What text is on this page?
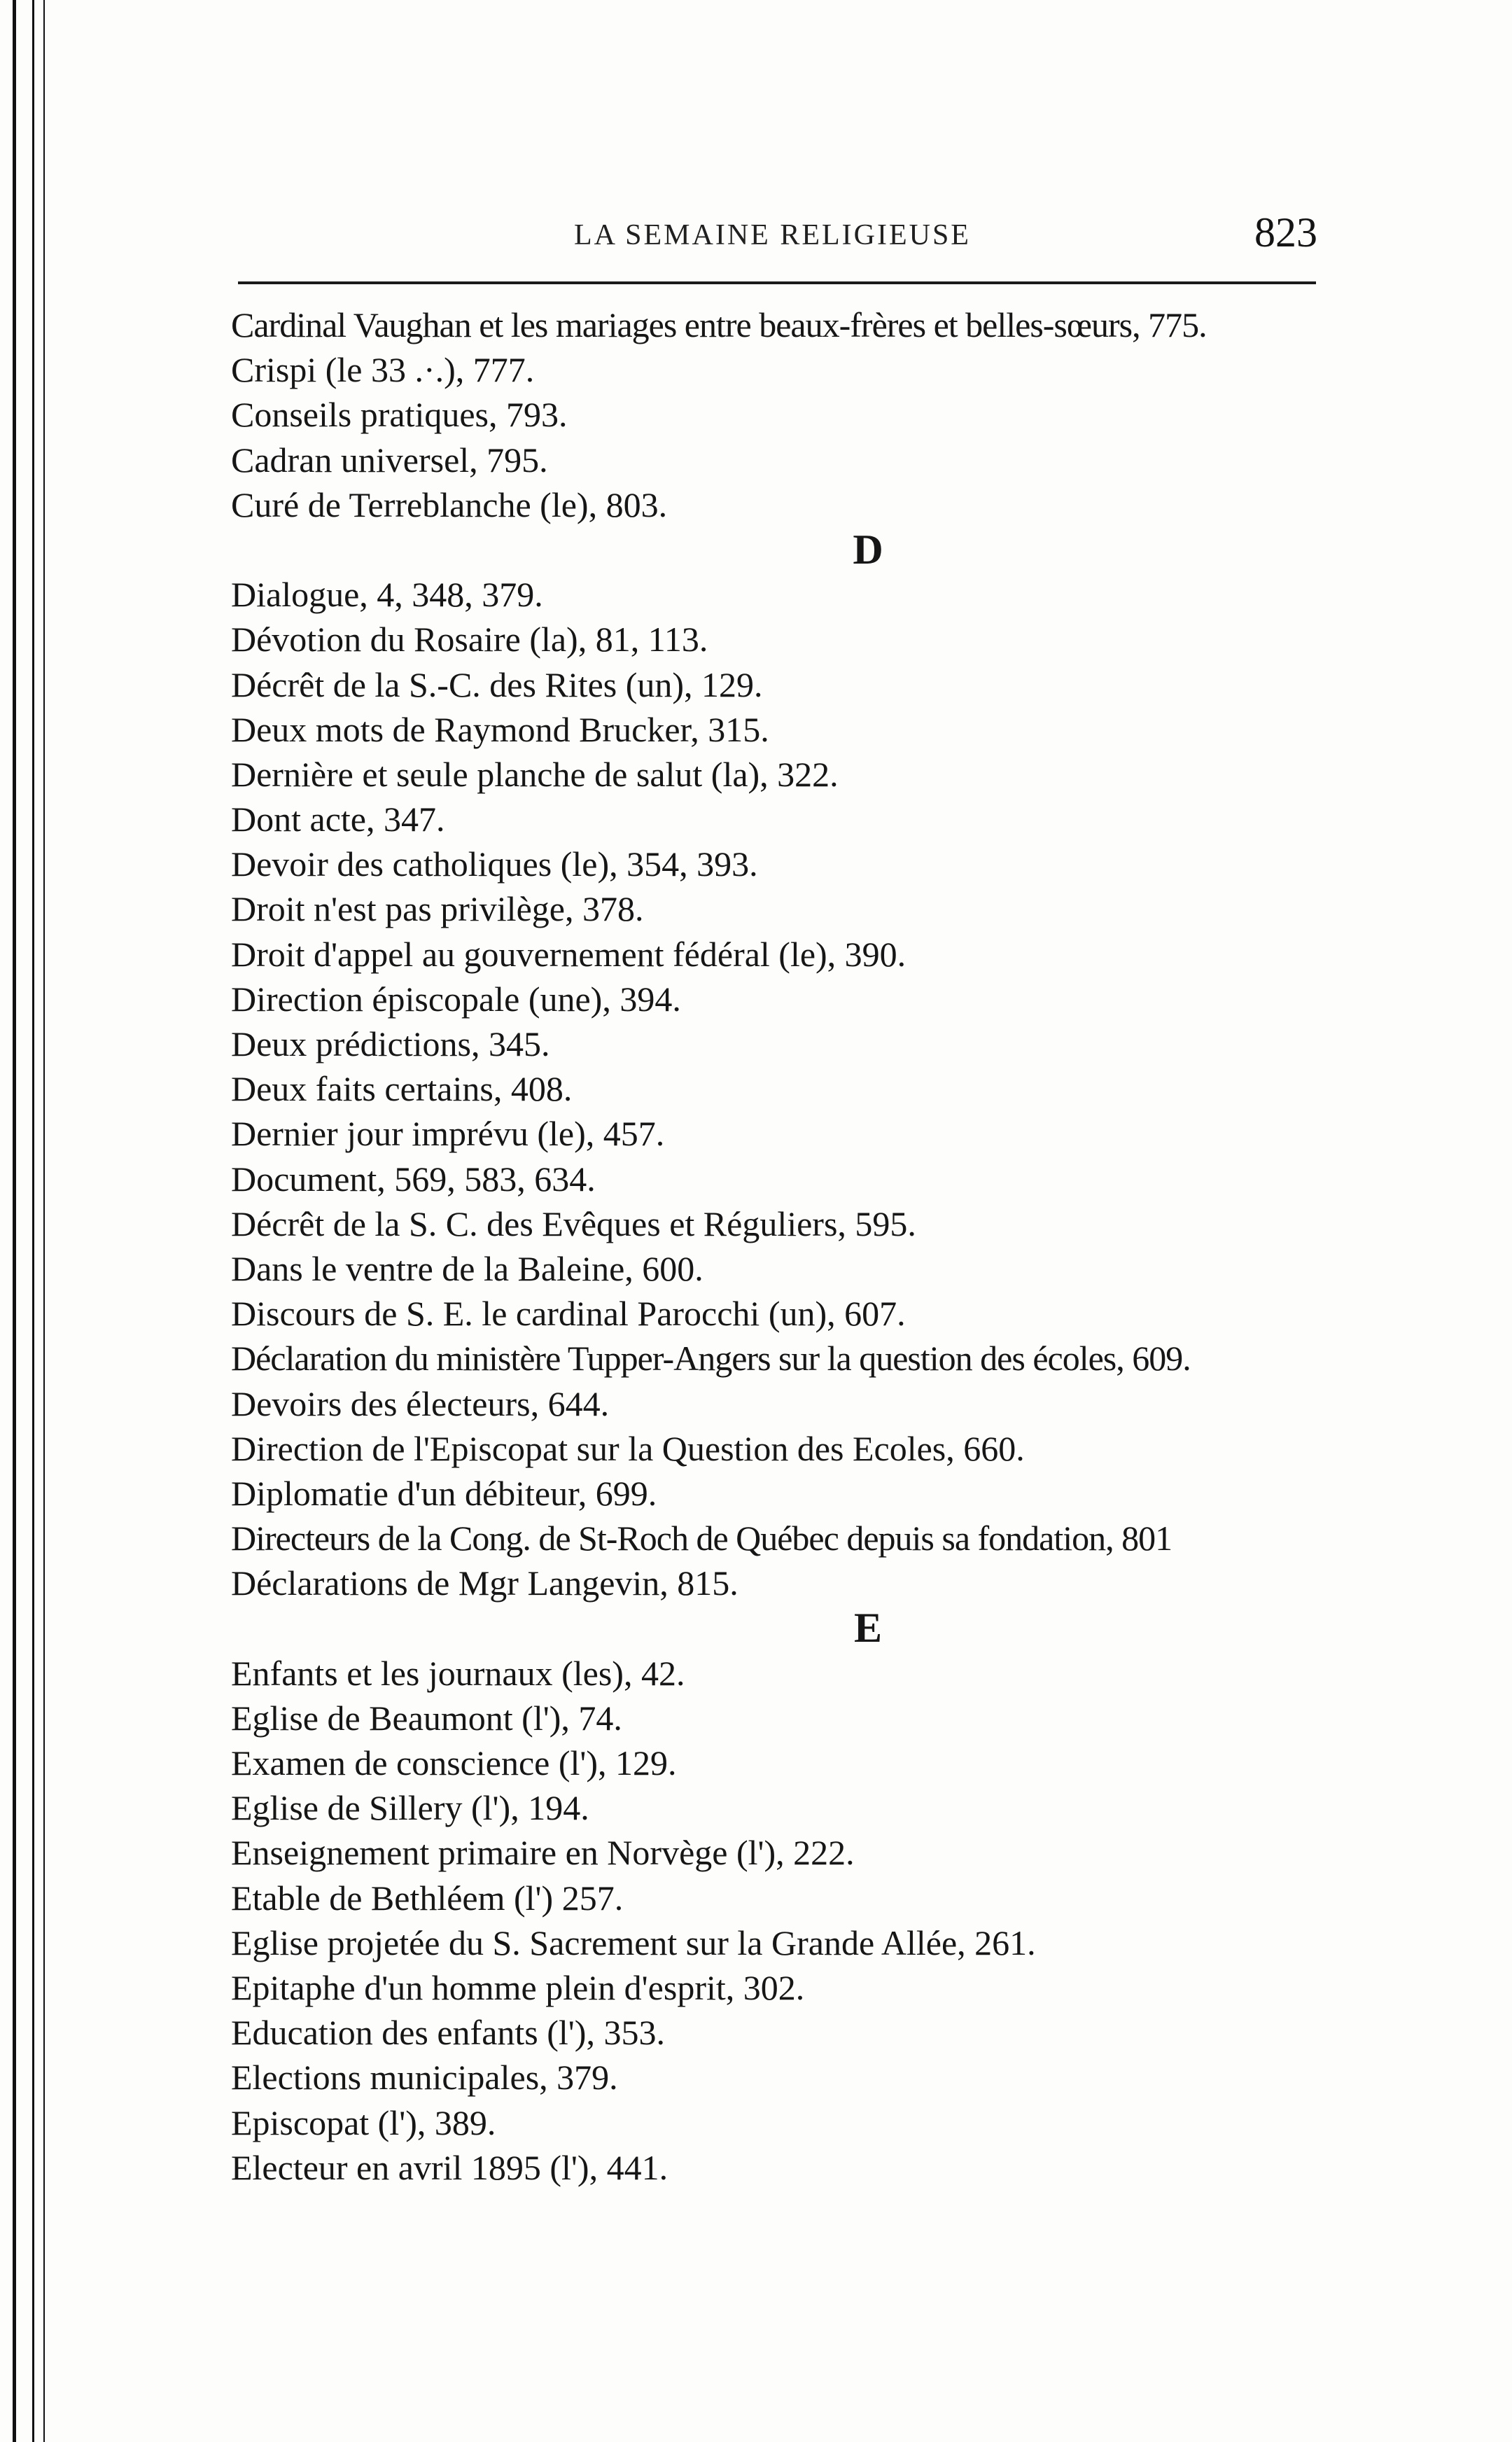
LA SEMAINE RELIGIEUSE	823
Cardinal Vaughan et les mariages entre beaux-frères et belles-sœurs, 775.
Crispi (le 33 .·.), 777.
Conseils pratiques, 793.
Cadran universel, 795.
Curé de Terreblanche (le), 803.
D
Dialogue, 4, 348, 379.
Dévotion du Rosaire (la), 81, 113.
Décrêt de la S.-C. des Rites (un), 129.
Deux mots de Raymond Brucker, 315.
Dernière et seule planche de salut (la), 322.
Dont acte, 347.
Devoir des catholiques (le), 354, 393.
Droit n'est pas privilège, 378.
Droit d'appel au gouvernement fédéral (le), 390.
Direction épiscopale (une), 394.
Deux prédictions, 345.
Deux faits certains, 408.
Dernier jour imprévu (le), 457.
Document, 569, 583, 634.
Décrêt de la S. C. des Evêques et Réguliers, 595.
Dans le ventre de la Baleine, 600.
Discours de S. E. le cardinal Parocchi (un), 607.
Déclaration du ministère Tupper-Angers sur la question des écoles, 609.
Devoirs des électeurs, 644.
Direction de l'Episcopat sur la Question des Ecoles, 660.
Diplomatie d'un débiteur, 699.
Directeurs de la Cong. de St-Roch de Québec depuis sa fondation, 801
Déclarations de Mgr Langevin, 815.
E
Enfants et les journaux (les), 42.
Eglise de Beaumont (l'), 74.
Examen de conscience (l'), 129.
Eglise de Sillery (l'), 194.
Enseignement primaire en Norvège (l'), 222.
Etable de Bethléem (l') 257.
Eglise projetée du S. Sacrement sur la Grande Allée, 261.
Epitaphe d'un homme plein d'esprit, 302.
Education des enfants (l'), 353.
Elections municipales, 379.
Episcopat (l'), 389.
Electeur en avril 1895 (l'), 441.
